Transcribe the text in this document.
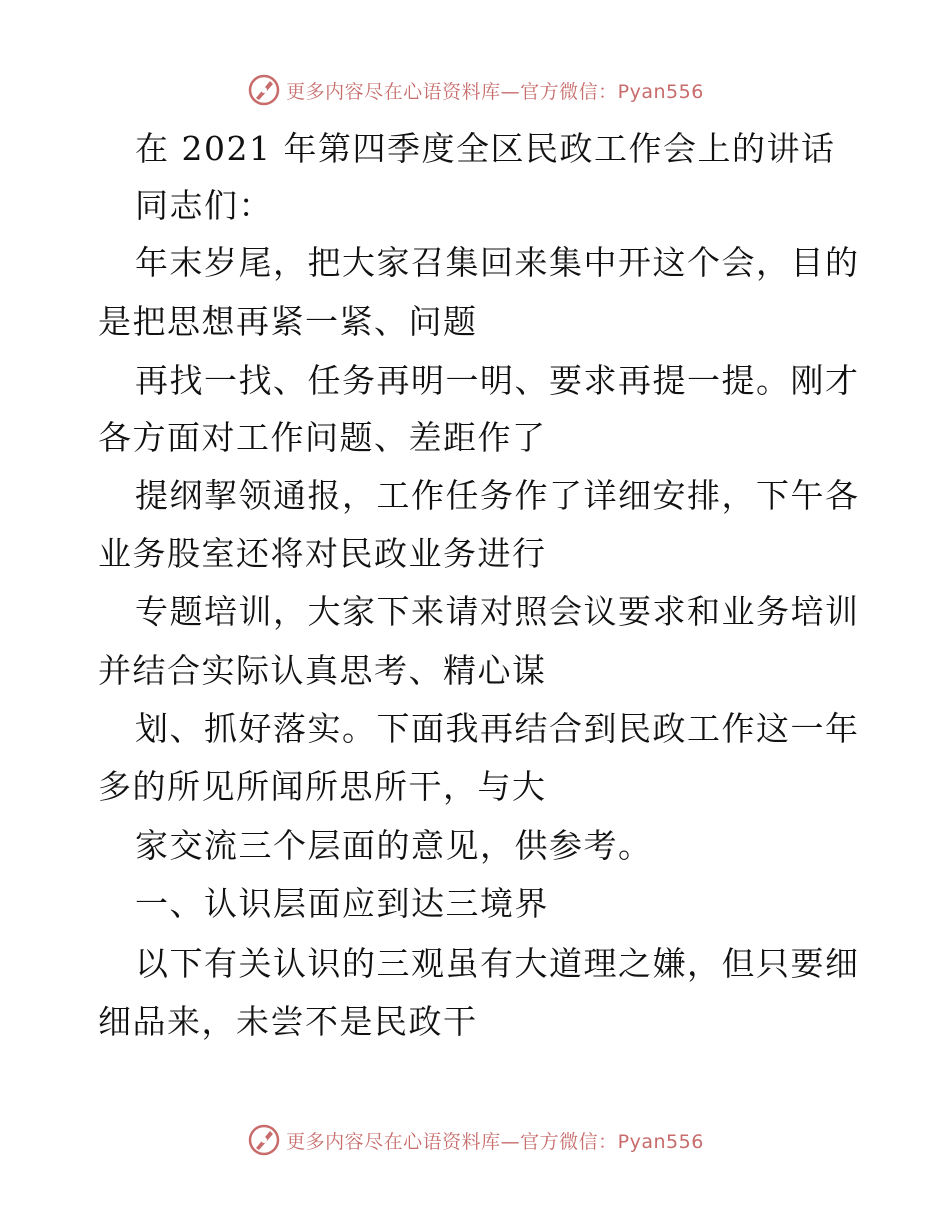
更多内容尽在心语资料库—官方微信：Pyan556
在 2021 年第四季度全区民政工作会上的讲话
同志们：
年末岁尾，把大家召集回来集中开这个会，目的
是把思想再紧一紧、问题
再找一找、任务再明一明、要求再提一提。刚才
各方面对工作问题、差距作了
提纲挈领通报，工作任务作了详细安排，下午各
业务股室还将对民政业务进行
专题培训，大家下来请对照会议要求和业务培训
并结合实际认真思考、精心谋
划、抓好落实。下面我再结合到民政工作这一年
多的所见所闻所思所干，与大
家交流三个层面的意见，供参考。
一、认识层面应到达三境界
以下有关认识的三观虽有大道理之嫌，但只要细
细品来，未尝不是民政干
更多内容尽在心语资料库—官方微信：Pyan556
